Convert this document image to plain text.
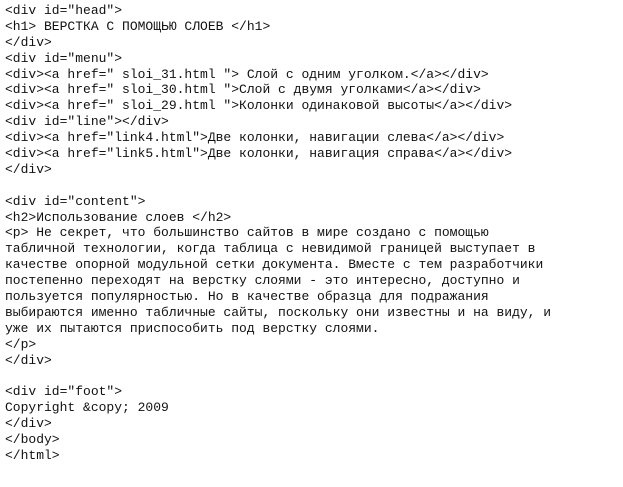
<div id="head">
<h1> ВЕРСТКА С ПОМОЩЬЮ СЛОЕВ </h1>
</div>
<div id="menu">
<div><a href=" sloi_31.html "> Слой с одним уголком.</a></div>
<div><a href=" sloi_30.html ">Слой с двумя уголками</a></div>
<div><a href=" sloi_29.html ">Колонки одинаковой высоты</a></div>
<div id="line"></div>
<div><a href="link4.html">Две колонки, навигации слева</a></div>
<div><a href="link5.html">Две колонки, навигация справа</a></div>
</div>
<div id="content">
<h2>Использование слоев </h2>
<p> Не секрет, что большинство сайтов в мире создано с помощью
табличной технологии, когда таблица с невидимой границей выступает в
качестве опорной модульной сетки документа. Вместе с тем разработчики
постепенно переходят на верстку слоями - это интересно, доступно и
пользуется популярностью. Но в качестве образца для подражания
выбираются именно табличные сайты, поскольку они известны и на виду, и
уже их пытаются приспособить под верстку слоями.
</p>
</div>
<div id="foot">
Copyright &copy; 2009
</div>
</body>
</html>
